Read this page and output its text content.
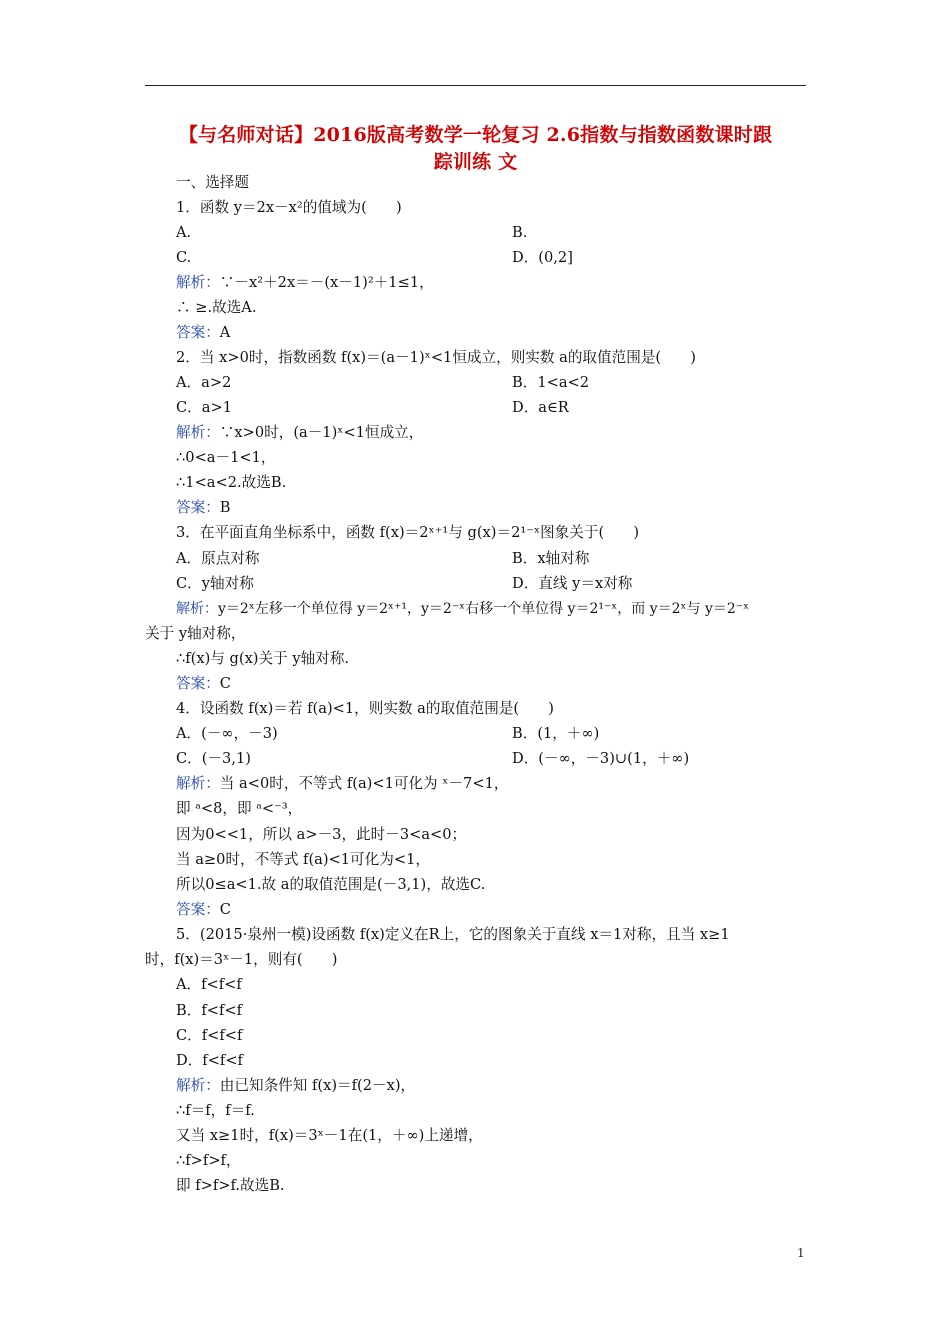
【与名师对话】2016版高考数学一轮复习 2.6指数与指数函数课时跟
踪训练 文
一、选择题
1．函数 y＝2x－x²的值域为(　　)
A.	B.
C.	D．(0,2]
解析：∵－x²＋2x＝－(x－1)²＋1≤1，
∴ ≥.故选A.
答案：A
2．当 x>0时，指数函数 f(x)＝(a－1)ˣ<1恒成立，则实数 a的取值范围是(　　)
A．a>2	B．1<a<2
C．a>1	D．a∈R
解析：∵x>0时，(a－1)ˣ<1恒成立，
∴0<a－1<1，
∴1<a<2.故选B.
答案：B
3．在平面直角坐标系中，函数 f(x)＝2ˣ⁺¹与 g(x)＝2¹⁻ˣ图象关于(　　)
A．原点对称	B．x轴对称
C．y轴对称	D．直线 y＝x对称
解析：y＝2ˣ左移一个单位得 y＝2ˣ⁺¹，y＝2⁻ˣ右移一个单位得 y＝2¹⁻ˣ，而 y＝2ˣ与 y＝2⁻ˣ
关于 y轴对称，
∴f(x)与 g(x)关于 y轴对称.
答案：C
4．设函数 f(x)＝若 f(a)<1，则实数 a的取值范围是(　　)
A．(－∞，－3)	B．(1，＋∞)
C．(－3,1)	D．(－∞，－3)∪(1，＋∞)
解析：当 a<0时，不等式 f(a)<1可化为 ˣ－7<1，
即 ᵃ<8，即 ᵃ<⁻³，
因为0<<1，所以 a>－3，此时－3<a<0；
当 a≥0时，不等式 f(a)<1可化为<1，
所以0≤a<1.故 a的取值范围是(－3,1)，故选C.
答案：C
5．(2015·泉州一模)设函数 f(x)定义在R上，它的图象关于直线 x＝1对称，且当 x≥1
时，f(x)＝3ˣ－1，则有(　　)
A．f<f<f
B．f<f<f
C．f<f<f
D．f<f<f
解析：由已知条件知 f(x)＝f(2－x)，
∴f＝f，f＝f.
又当 x≥1时，f(x)＝3ˣ－1在(1，＋∞)上递增，
∴f>f>f，
即 f>f>f.故选B.
1
